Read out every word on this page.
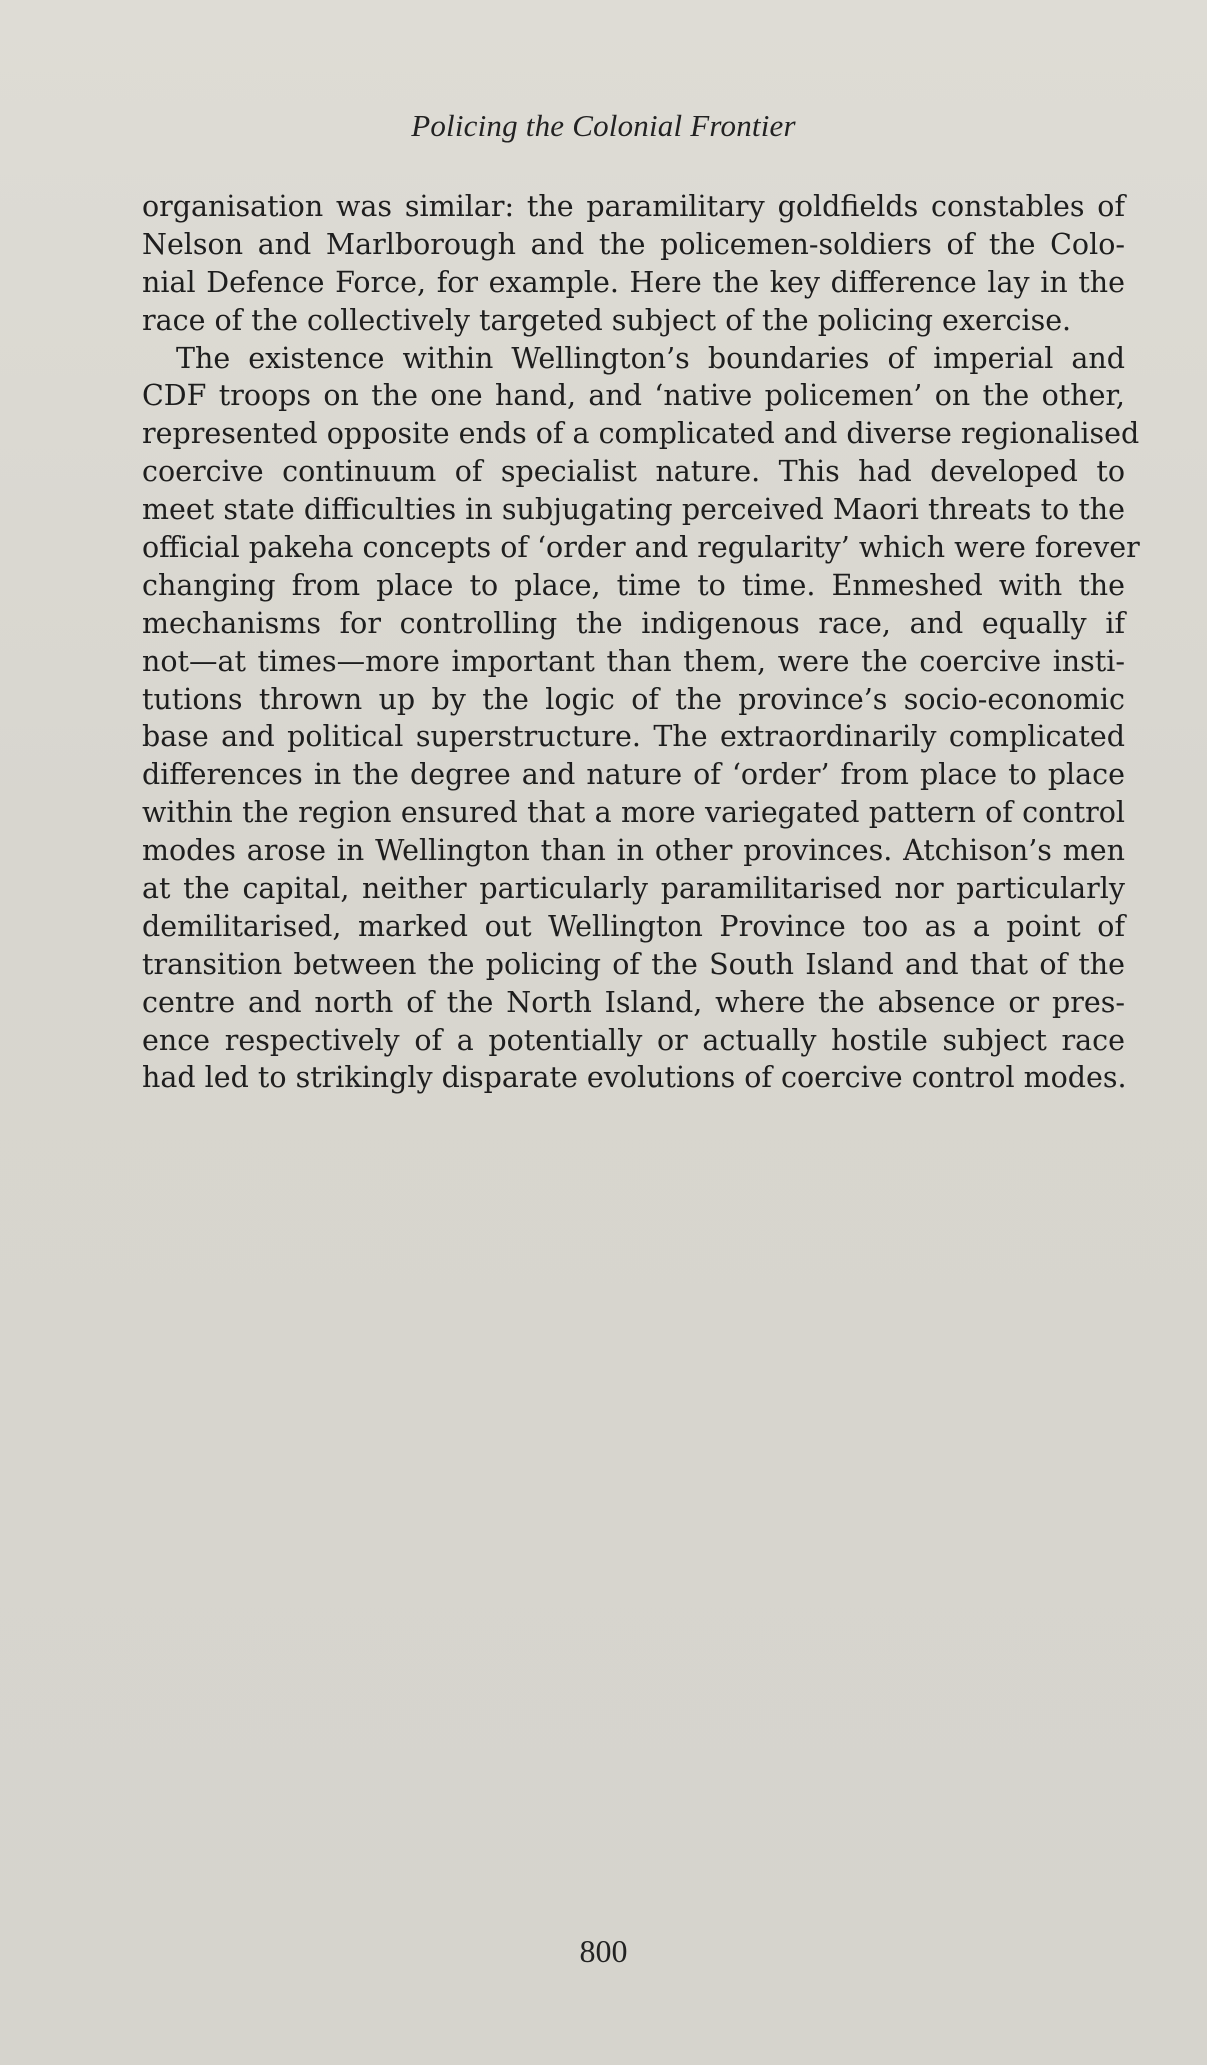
Policing the Colonial Frontier
organisation was similar: the paramilitary goldfields constables of
Nelson and Marlborough and the policemen-soldiers of the Colo-
nial Defence Force, for example. Here the key difference lay in the
race of the collectively targeted subject of the policing exercise.
The existence within Wellington’s boundaries of imperial and
CDF troops on the one hand, and ‘native policemen’ on the other,
represented opposite ends of a complicated and diverse regionalised
coercive continuum of specialist nature. This had developed to
meet state difficulties in subjugating perceived Maori threats to the
official pakeha concepts of ‘order and regularity’ which were forever
changing from place to place, time to time. Enmeshed with the
mechanisms for controlling the indigenous race, and equally if
not—at times—more important than them, were the coercive insti-
tutions thrown up by the logic of the province’s socio-economic
base and political superstructure. The extraordinarily complicated
differences in the degree and nature of ‘order’ from place to place
within the region ensured that a more variegated pattern of control
modes arose in Wellington than in other provinces. Atchison’s men
at the capital, neither particularly paramilitarised nor particularly
demilitarised, marked out Wellington Province too as a point of
transition between the policing of the South Island and that of the
centre and north of the North Island, where the absence or pres-
ence respectively of a potentially or actually hostile subject race
had led to strikingly disparate evolutions of coercive control modes.
800
